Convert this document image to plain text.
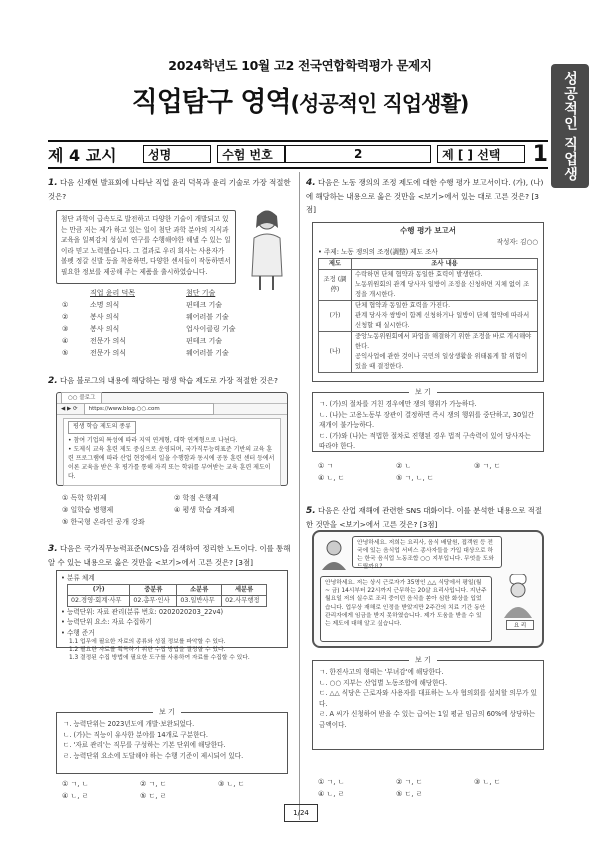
2024학년도 10월 고2 전국연합학력평가 문제지
직업탐구 영역(성공적인 직업생활)	성공적인 직업생활
제 4 교시	성명	수험 번호	2	제 [ ] 선택 1
1. 다음 신재현 발표회에 나타난 직업 윤리 덕목과 윤리 기술로 가장 적절한 것은?
첨단 과학이 급속도로 발전하고 다양한 기술이 개발되고 있는 만큼 저는 제가 하고 있는 일이 첨단 과학 분야의 지식과 교육을 일찌감치 성실히 연구를 수행해야한 해낼 수 있는 일이라 믿고 노력했습니다. 그 결과로 우리 회사는 사용자가 볼펫 정갈 신발 등을 착용하면, 다양한 센서들이 작동하면서 필요한 정보를 제공해 주는 제품을 출시하였습니다.
직업 윤리 덕목	첨단 기술
①	소명 의식	핀테크 기술
②	봉사 의식	웨어러블 기술
③	봉사 의식	업사이클링 기술
④	전문가 의식	핀테크 기술
⑤	전문가 의식	웨어러블 기술
2. 다음 블로그의 내용에 해당하는 평생 학습 제도로 가장 적절한 것은?
○○ 블로그
◀ ▶ ⟳	https://www.blog.○○.com
평생 학습 제도의 종류
• 참여 기업의 특성에 따라 지역 연계형, 대학 연계형으로 나뉜다.
• 도제식 교육 훈련 제도 중심으로 운영되며, 국가직무능력표준 기반의 교육 훈련 프로그램에 따라 산업 현장에서 일을 수행함과 동시에 공동 훈련 센터 등에서 이론 교육을 받은 후 평가를 통해 자격 또는 학위를 부여받는 교육 훈련 제도이다.
① 독학 학위제	② 학점 은행제
③ 일학습 병행제	④ 평생 학습 계좌제
⑤ 한국형 온라인 공개 강좌
3. 다음은 국가직무능력표준(NCS)을 검색하여 정리한 노트이다. 이를 통해 알 수 있는 내용으로 옳은 것만을 <보기>에서 고른 것은? [3점]
• 분류 체계
(가)	중분류	소분류	세분류
02.경영·회계·사무	02.총무·인사	03.일반사무	02.사무행정
• 능력단위: 자료 관리(분류 번호: 0202020203_22v4)
• 능력단위 요소: 자료 수집하기
• 수행 준거
1.1 업무에 필요한 자료의 종류와 성질 정보를 파악할 수 있다.
1.2 필요한 자료를 획득하기 위한 수집 방법을 결정할 수 있다.
1.3 결정된 수집 방법에 필요한 도구를 사용하여 자료를 수집할 수 있다.
보 기
ㄱ. 능력단위는 2023년도에 개발·보완되었다.
ㄴ. (가)는 직능이 유사한 분야를 14개로 구분한다.
ㄷ. '자료 관리'는 직무를 구성하는 기본 단위에 해당한다.
ㄹ. 능력단위 요소에 도달해야 하는 수행 기준이 제시되어 있다.
① ㄱ, ㄴ	② ㄱ, ㄷ	③ ㄴ, ㄷ
④ ㄴ, ㄹ	⑤ ㄷ, ㄹ
4. 다음은 노동 쟁의의 조정 제도에 대한 수행 평가 보고서이다. (가), (나)에 해당하는 내용으로 옳은 것만을 <보기>에서 있는 대로 고른 것은? [3점]
수행 평가 보고서
작성자: 김○○
• 주제: 노동 쟁의의 조정(調整) 제도 조사
제도	조사 내용
조정 (調停)	수락하면 단체 협약과 동일한 효력이 발생한다.
노동위원회의 관계 당사자 일방이 조정을 신청하면 지체 없이 조정을 개시한다.

(가)	단체 협약과 동일한 효력을 가진다.
관계 당사자 쌍방이 함께 신청하거나 일방이 단체 협약에 따라서 신청할 때 실시한다.

(나)	중앙노동위원회에서 파업을 해결하기 위한 조정을 바로 개시해야 한다.
공익사업에 관한 것이나 국민의 일상생활을 위태롭게 할 위험이 있을 때 결정한다.
보 기
ㄱ. (가)의 절차를 거친 경우에만 쟁의 행위가 가능하다.
ㄴ. (나)는 고용노동부 장관이 결정하면 즉시 쟁의 행위를 중단하고, 30일간 재개이 불가능하다.
ㄷ. (가)와 (나)는 적법한 절차로 진행된 경우 법적 구속력이 있어 당사자는 따라야 한다.
① ㄱ	② ㄴ	③ ㄱ, ㄷ
④ ㄴ, ㄷ	⑤ ㄱ, ㄴ, ㄷ
5. 다음은 산업 재해에 관련한 SNS 대화이다. 이를 분석한 내용으로 적절한 것만을 <보기>에서 고른 것은? [3점]
안녕하세요. 저희는 요리사, 음식 배달원, 접객원 등 전국에 있는 음식업 서비스 종사자들을 가입 대상으로 하는 한국 음식업 노동조합 ○○ 지부입니다. 무엇을 도와드릴까요?
안녕하세요. 저는 상시 근로자가 35명인 △△ 식당에서 평일(월 ~ 금) 14시부터 22시까지 근무하는 20살 요리사입니다. 지난주 월요일 저의 실수로 조리 중이던 음식을 쏟아 심한 화상을 입었습니다. 업무상 재해로 인정을 받았지만 2주간의 치료 기간 동안 관리자에게 임금을 받지 못하였습니다. 제가 도움을 받을 수 있는 제도에 대해 알고 싶습니다.	요 리
보 기
ㄱ. 한진사고의 형태는 '부녀감'에 해당한다.
ㄴ. ○○ 지부는 산업별 노동조합에 해당한다.
ㄷ. △△ 식당은 근로자와 사용자를 대표하는 노사 협의회를 설치할 의무가 있다.
ㄹ. A 씨가 신청하여 받을 수 있는 급여는 1일 평균 임금의 60%에 상당하는 금액이다.
① ㄱ, ㄴ	② ㄱ, ㄷ	③ ㄴ, ㄷ
④ ㄴ, ㄹ	⑤ ㄷ, ㄹ
1/24
